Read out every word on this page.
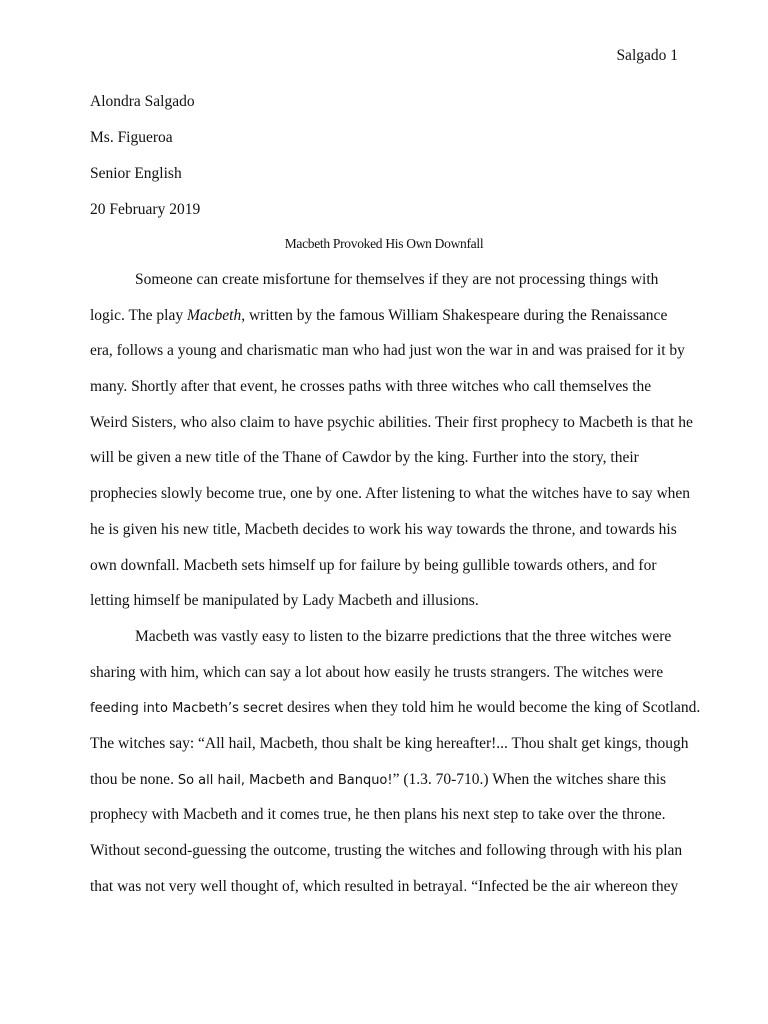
Salgado 1
Alondra Salgado
Ms. Figueroa
Senior English
20 February 2019
Macbeth Provoked His Own Downfall
Someone can create misfortune for themselves if they are not processing things with
logic. The play Macbeth, written by the famous William Shakespeare during the Renaissance
era, follows a young and charismatic man who had just won the war in and was praised for it by
many. Shortly after that event, he crosses paths with three witches who call themselves the
Weird Sisters, who also claim to have psychic abilities. Their first prophecy to Macbeth is that he
will be given a new title of the Thane of Cawdor by the king. Further into the story, their
prophecies slowly become true, one by one. After listening to what the witches have to say when
he is given his new title, Macbeth decides to work his way towards the throne, and towards his
own downfall. Macbeth sets himself up for failure by being gullible towards others, and for
letting himself be manipulated by Lady Macbeth and illusions.
Macbeth was vastly easy to listen to the bizarre predictions that the three witches were
sharing with him, which can say a lot about how easily he trusts strangers. The witches were
feeding into Macbeth’s secret desires when they told him he would become the king of Scotland.
The witches say: “All hail, Macbeth, thou shalt be king hereafter!... Thou shalt get kings, though
thou be none. So all hail, Macbeth and Banquo!” (1.3. 70-710.) When the witches share this
prophecy with Macbeth and it comes true, he then plans his next step to take over the throne.
Without second-guessing the outcome, trusting the witches and following through with his plan
that was not very well thought of, which resulted in betrayal. “Infected be the air whereon they
